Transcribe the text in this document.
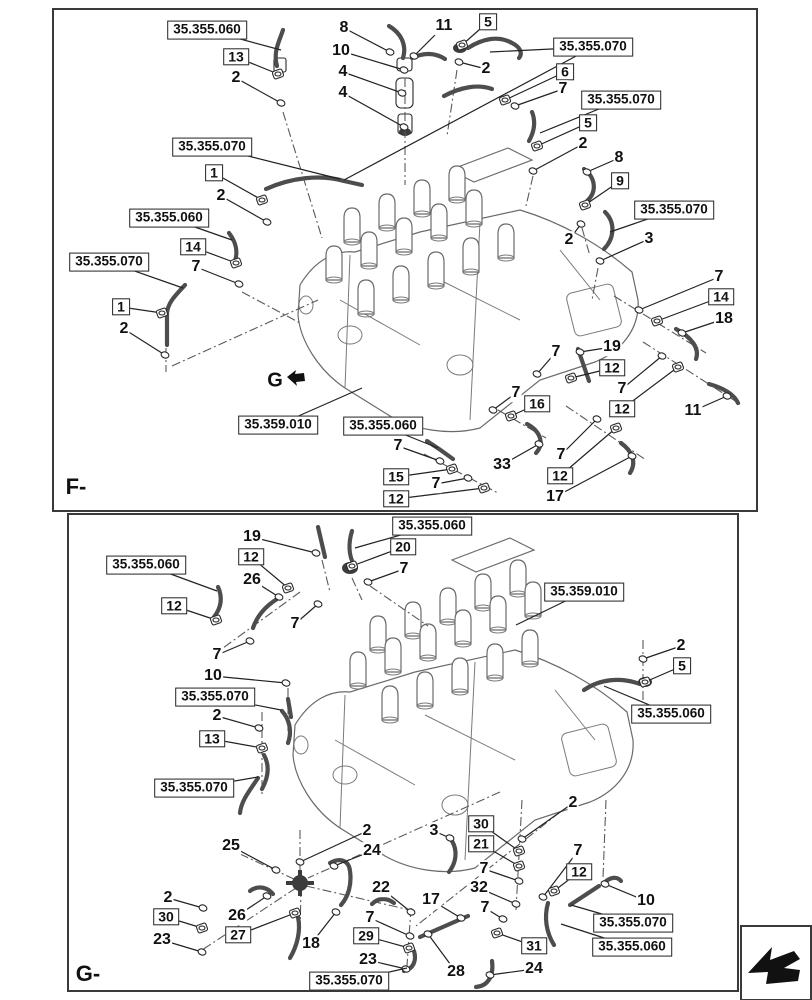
F-
G
35.355.060
13
2
8
10
4
4
11	5
2
35.355.070
6
7
35.355.070
5
2
8
9
35.355.070
2	3
35.355.070
1
2
35.355.060
14
7
35.355.070
1
2
7
14
18
19
12
7
7
12	11
35.359.010	35.355.060
7
15	7
12
33
7
16
7
12
17
G-
19
35.355.060
12
20
26
7
35.355.060
12
7
35.359.010
7
10
2
5
35.355.070
2
13
35.355.060
35.355.070
25
2
24
3
2
30
21
7
32
7
7
12
10
22
17
2
30
23
26
27
18
7
29
23
28
31
24
35.355.070
35.355.070
35.355.060
